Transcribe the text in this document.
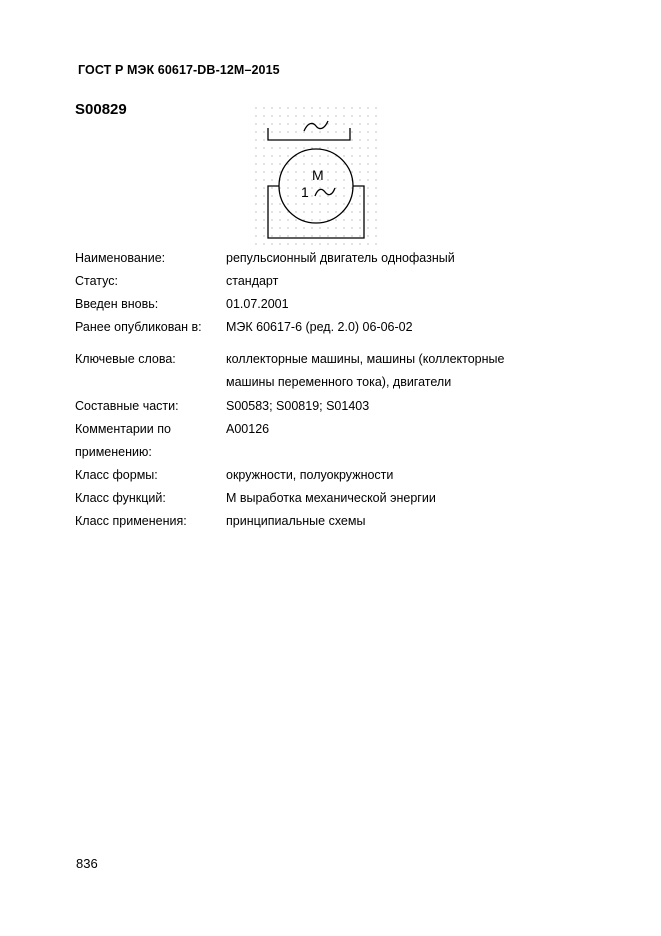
ГОСТ Р МЭК 60617-DB-12M–2015
S00829
M
1
Наименование:	репульсионный двигатель однофазный
Статус:	стандарт
Введен вновь:	01.07.2001
Ранее опубликован в:	МЭК 60617-6 (ред. 2.0) 06-06-02
Ключевые слова:	коллекторные машины, машины (коллекторные
машины переменного тока), двигатели
Составные части:	S00583; S00819; S01403
Комментарии по
применению:
A00126
Класс формы:	окружности, полуокружности
Класс функций:	M выработка механической энергии
Класс применения:	принципиальные схемы
836
